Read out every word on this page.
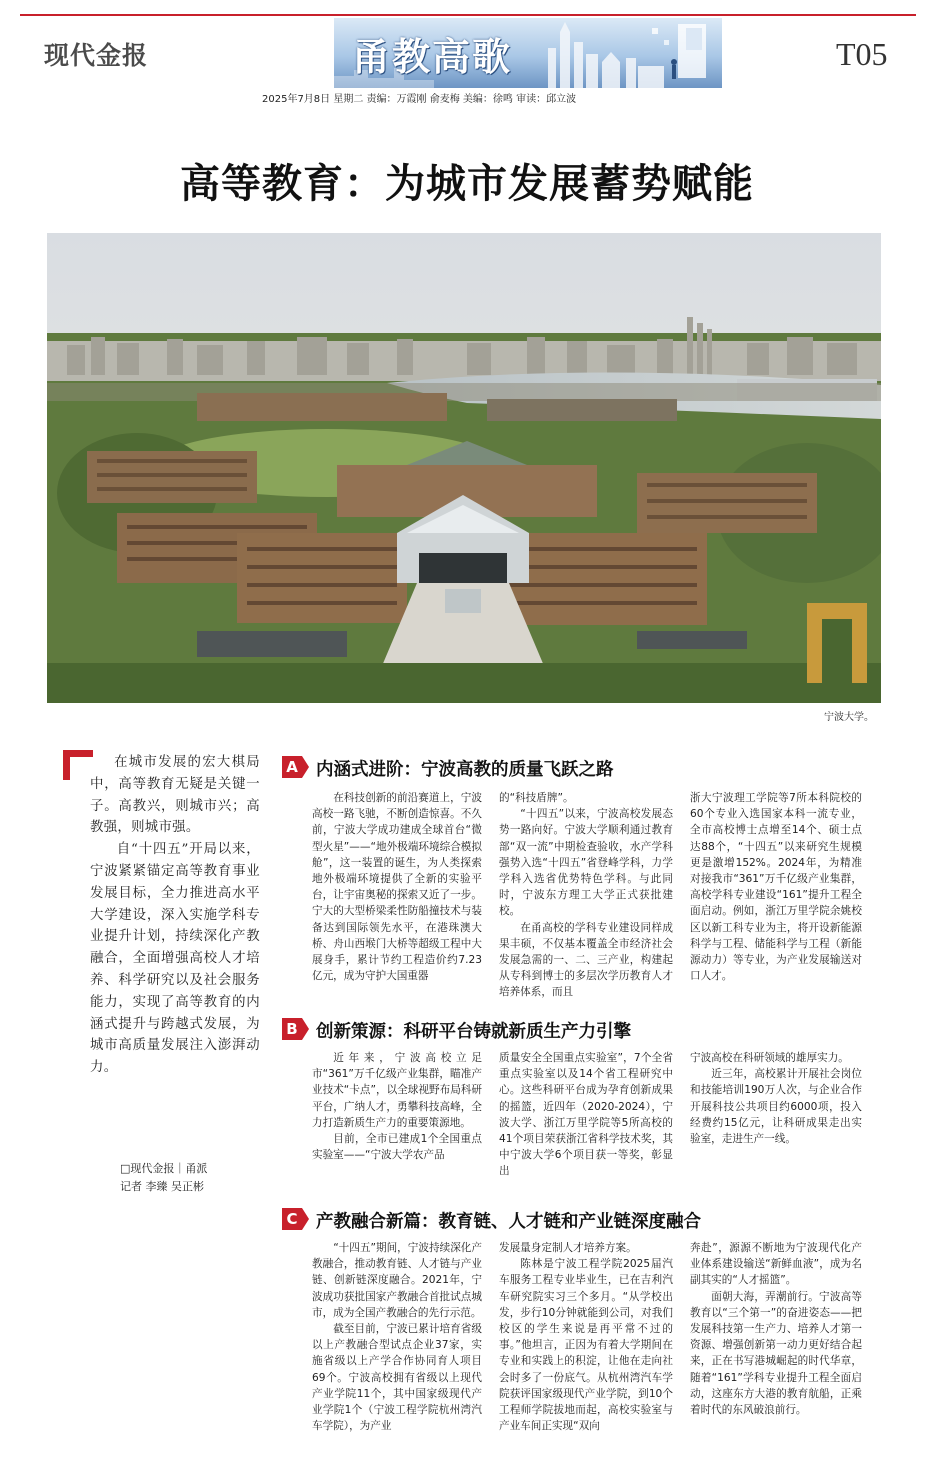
现代金报	甬教高歌	T05
2025年7月8日 星期二 责编：万霞刚 俞麦梅 美编：徐鸣 审读：邱立波
高等教育：为城市发展蓄势赋能
宁波大学。

在城市发展的宏大棋局中，高等教育无疑是关键一子。高教兴，则城市兴；高教强，则城市强。

自“十四五”开局以来，宁波紧紧锚定高等教育事业发展目标，全力推进高水平大学建设，深入实施学科专业提升计划，持续深化产教融合，全面增强高校人才培养、科学研究以及社会服务能力，实现了高等教育的内涵式提升与跨越式发展，为城市高质量发展注入澎湃动力。

□现代金报｜甬派
记者 李臻 吴正彬
A 内涵式进阶：宁波高教的质量飞跃之路

在科技创新的前沿赛道上，宁波高校一路飞驰，不断创造惊喜。不久前，宁波大学成功建成全球首台“微型火星”——“地外极端环境综合模拟舱”，这一装置的诞生，为人类探索地外极端环境提供了全新的实验平台，让宇宙奥秘的探索又近了一步。宁大的大型桥梁柔性防船撞技术与装备达到国际领先水平，在港珠澳大桥、舟山西堠门大桥等超级工程中大展身手，累计节约工程造价约7.23亿元，成为守护大国重器

的“科技盾牌”。

“十四五”以来，宁波高校发展态势一路向好。宁波大学顺利通过教育部“双一流”中期检查验收，水产学科强势入选“十四五”省登峰学科，力学学科入选省优势特色学科。与此同时，宁波东方理工大学正式获批建校。

在甬高校的学科专业建设同样成果丰硕，不仅基本覆盖全市经济社会发展急需的一、二、三产业，构建起从专科到博士的多层次学历教育人才培养体系，而且

浙大宁波理工学院等7所本科院校的60个专业入选国家本科一流专业，全市高校博士点增至14个、硕士点达88个，“十四五”以来研究生规模更是激增152%。2024年，为精准对接我市“361”万千亿级产业集群，高校学科专业建设“161”提升工程全面启动。例如，浙江万里学院余姚校区以新工科专业为主，将开设新能源科学与工程、储能科学与工程（新能源动力）等专业，为产业发展输送对口人才。

B 创新策源：科研平台铸就新质生产力引擎

近年来，宁波高校立足市“361”万千亿级产业集群，瞄准产业技术“卡点”，以全球视野布局科研平台，广纳人才，勇攀科技高峰，全力打造新质生产力的重要策源地。

目前，全市已建成1个全国重点实验室——“宁波大学农产品

质量安全全国重点实验室”，7个全省重点实验室以及14个省工程研究中心。这些科研平台成为孕育创新成果的摇篮，近四年（2020-2024），宁波大学、浙江万里学院等5所高校的41个项目荣获浙江省科学技术奖，其中宁波大学6个项目获一等奖，彰显出

宁波高校在科研领域的雄厚实力。

近三年，高校累计开展社会岗位和技能培训190万人次，与企业合作开展科技公共项目约6000项，投入经费约15亿元，让科研成果走出实验室，走进生产一线。

C 产教融合新篇：教育链、人才链和产业链深度融合

“十四五”期间，宁波持续深化产教融合，推动教育链、人才链与产业链、创新链深度融合。2021年，宁波成功获批国家产教融合首批试点城市，成为全国产教融合的先行示范。

截至目前，宁波已累计培育省级以上产教融合型试点企业37家，实施省级以上产学合作协同育人项目69个。宁波高校拥有省级以上现代产业学院11个，其中国家级现代产业学院1个（宁波工程学院杭州湾汽车学院），为产业

发展量身定制人才培养方案。

陈林是宁波工程学院2025届汽车服务工程专业毕业生，已在吉利汽车研究院实习三个多月。“从学校出发，步行10分钟就能到公司，对我们校区的学生来说是再平常不过的事。”他坦言，正因为有着大学期间在专业和实践上的积淀，让他在走向社会时多了一份底气。从杭州湾汽车学院获评国家级现代产业学院，到10个工程师学院拔地而起，高校实验室与产业车间正实现“双向

奔赴”，源源不断地为宁波现代化产业体系建设输送“新鲜血液”，成为名副其实的“人才摇篮”。

面朝大海，弄潮前行。宁波高等教育以“三个第一”的奋进姿态——把发展科技第一生产力、培养人才第一资源、增强创新第一动力更好结合起来，正在书写港城崛起的时代华章，随着“161”学科专业提升工程全面启动，这座东方大港的教育航船，正乘着时代的东风破浪前行。
